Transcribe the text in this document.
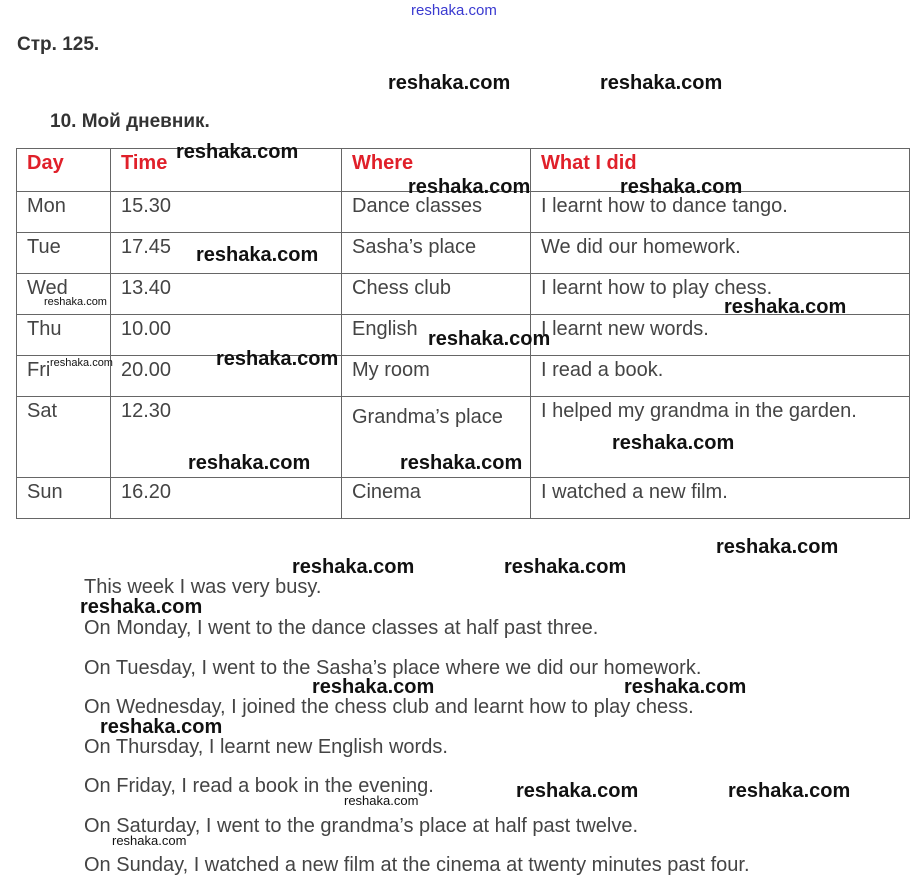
reshaka.com
Стр. 125.
10. Мой дневник.
Day	Time	Where	What I did
Mon	15.30	Dance classes	I learnt how to dance tango.
Tue	17.45	Sasha’s place	We did our homework.
Wed	13.40	Chess club	I learnt how to play chess.
Thu	10.00	English	I learnt new words.
Fri	20.00	My room	I read a book.
Sat	12.30	Grandma’s place	I helped my grandma in the garden.
Sun	16.20	Cinema	I watched a new film.
This week I was very busy.
On Monday, I went to the dance classes at half past three.
On Tuesday, I went to the Sasha’s place where we did our homework.
On Wednesday, I joined the chess club and learnt how to play chess.
On Thursday, I learnt new English words.
On Friday, I read a book in the evening.
On Saturday, I went to the grandma’s place at half past twelve.
On Sunday, I watched a new film at the cinema at twenty minutes past four.
reshaka.com	reshaka.com
reshaka.com
reshaka.com	reshaka.com
reshaka.com
reshaka.com	reshaka.com
reshaka.com
reshaka.com	reshaka.com
reshaka.com
reshaka.com	reshaka.com
reshaka.com
reshaka.com	reshaka.com
reshaka.com
reshaka.com	reshaka.com
reshaka.com
reshaka.com	reshaka.com
reshaka.com
reshaka.com
